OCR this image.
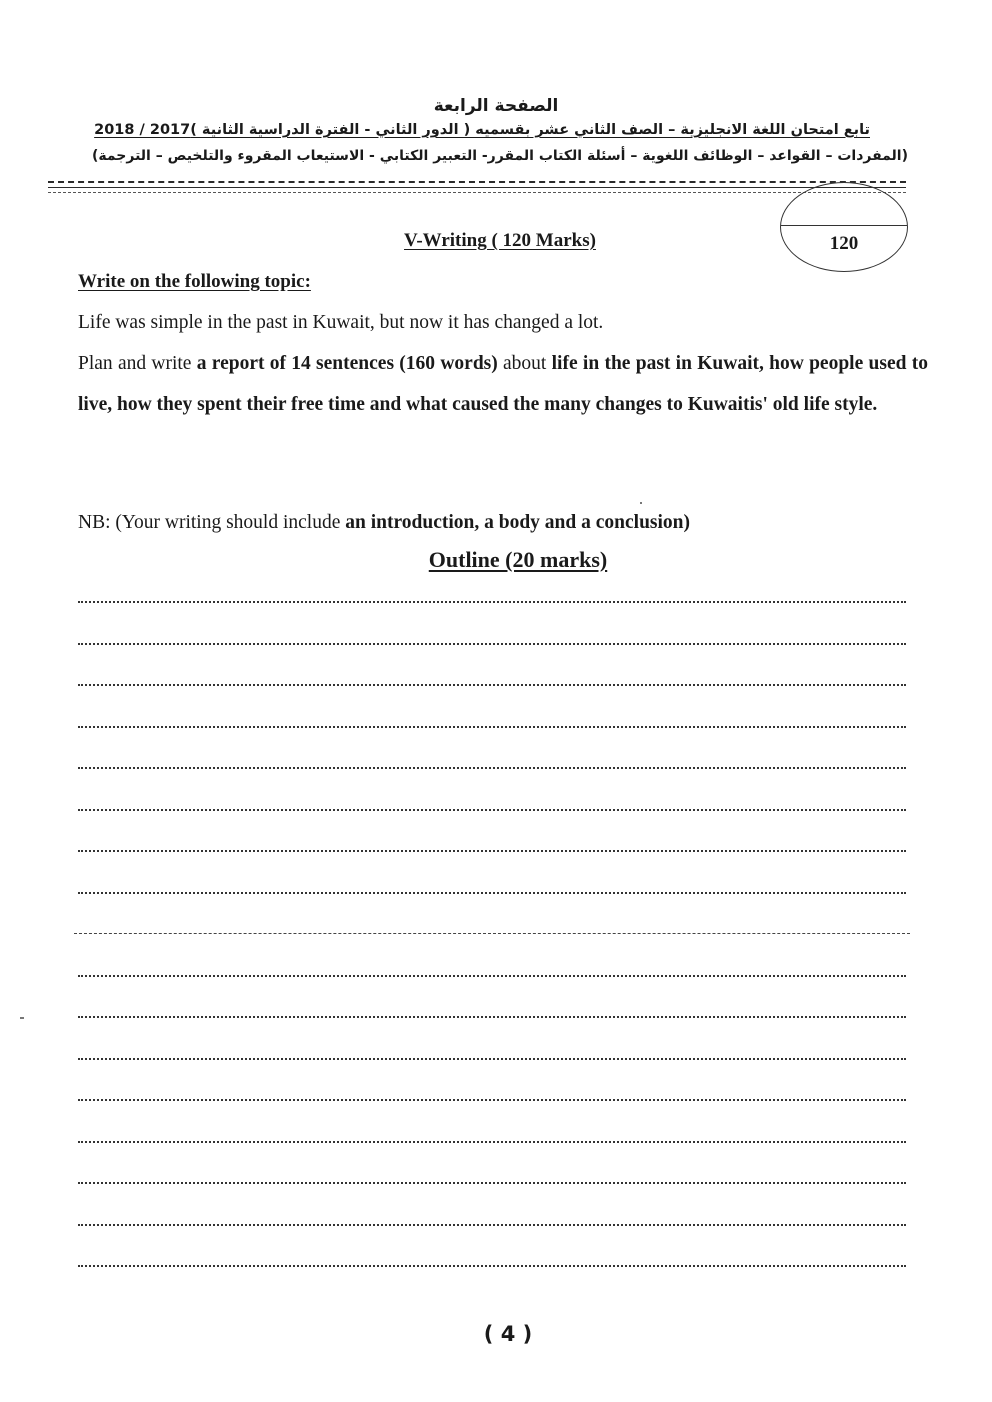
الصفحة الرابعة
تابع امتحان اللغة الانجليزية – الصف الثاني عشر بقسميه ( الدور الثاني - الفترة الدراسية الثانية )2018 / 2017
(المفردات – القواعد – الوظائف اللغوية – أسئلة الكتاب المقرر- التعبير الكتابي - الاستيعاب المقروء والتلخيص – الترجمة)
120
V-Writing ( 120 Marks)
Write on the following topic:
Life was simple in the past in Kuwait, but now it has changed a lot.
Plan and write a report of 14 sentences (160 words) about life in the past in Kuwait, how people used to live, how they spent their free time and what caused the many changes to Kuwaitis' old life style.
NB: (Your writing should include an introduction, a body and a conclusion)
Outline (20 marks)
( 4 )
